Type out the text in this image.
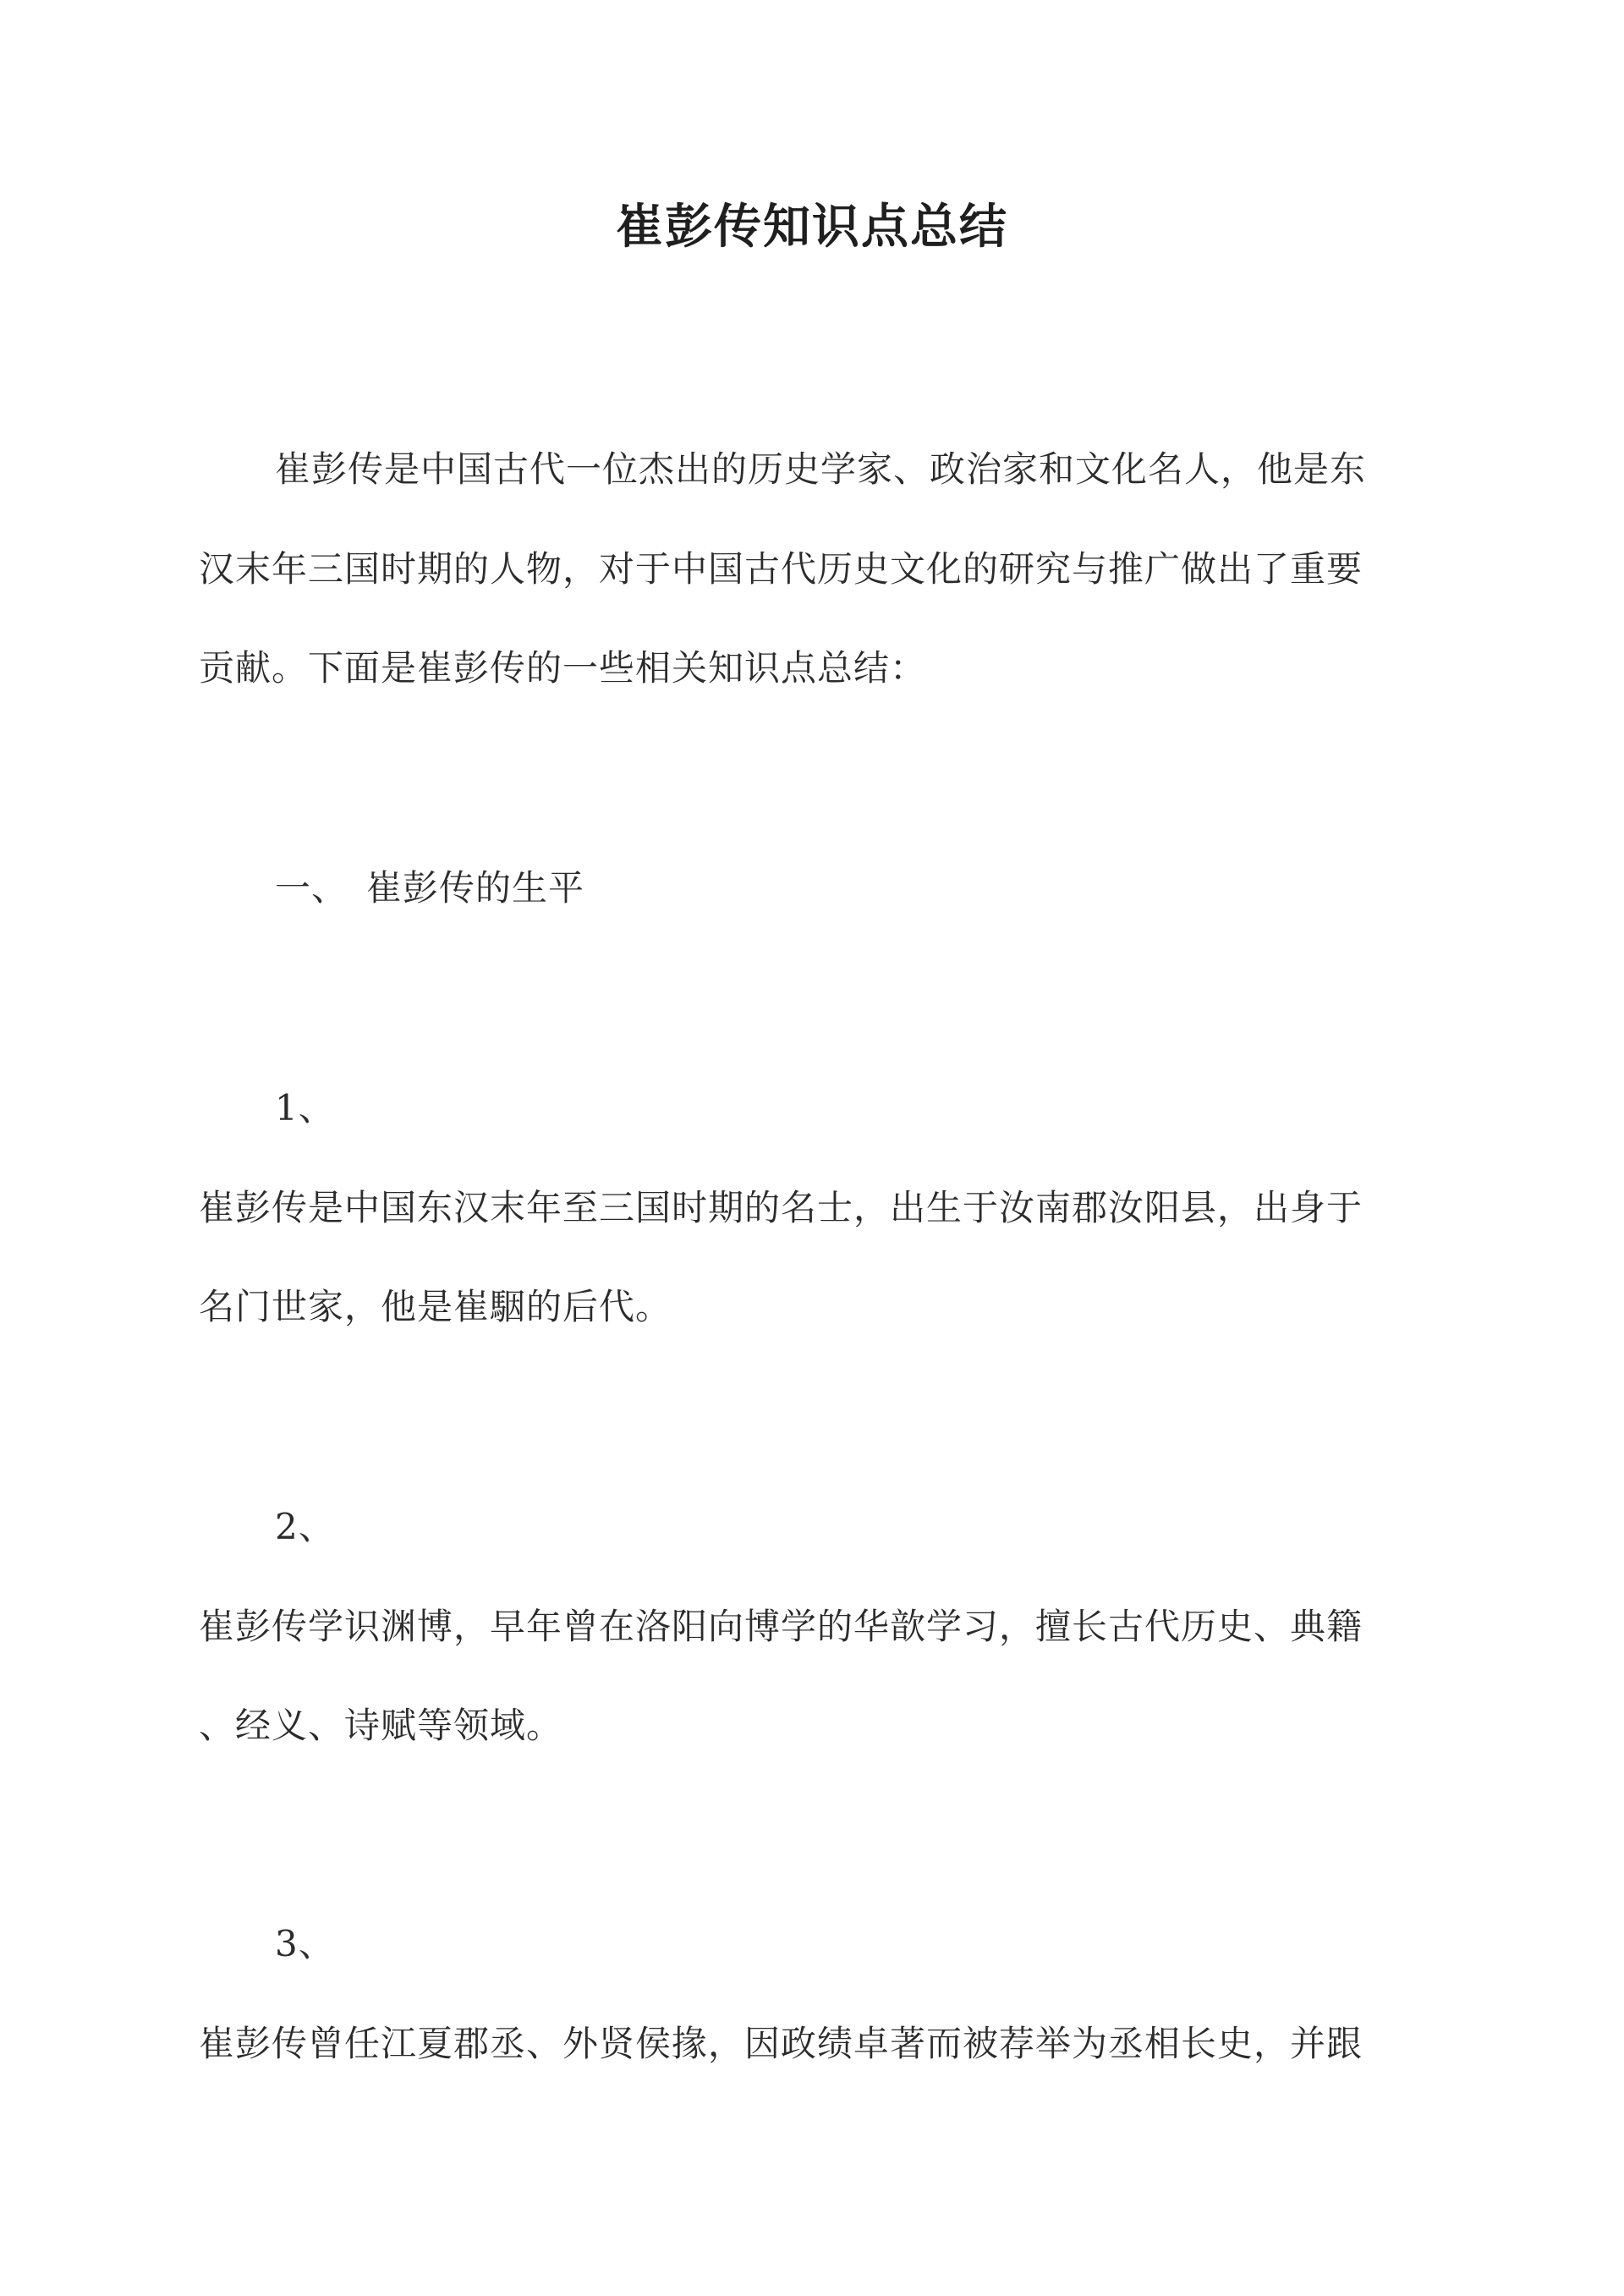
崔彭传知识点总结
崔彭传是中国古代一位杰出的历史学家、政治家和文化名人，他是东
汉末年三国时期的人物，对于中国古代历史文化的研究与推广做出了重要
贡献。下面是崔彭传的一些相关知识点总结：
一、　崔彭传的生平
1、
崔彭传是中国东汉末年至三国时期的名士，出生于汝南郡汝阳县，出身于
名门世家，他是崔駰的后代。
2、
崔彭传学识渊博，早年曾在洛阳向博学的华歆学习，擅长古代历史、典籍
、经义、诗赋等领域。
3、
崔彭传曾任江夏郡丞、外贤侯掾，因政绩卓著而被荐举为丞相长史，并跟
